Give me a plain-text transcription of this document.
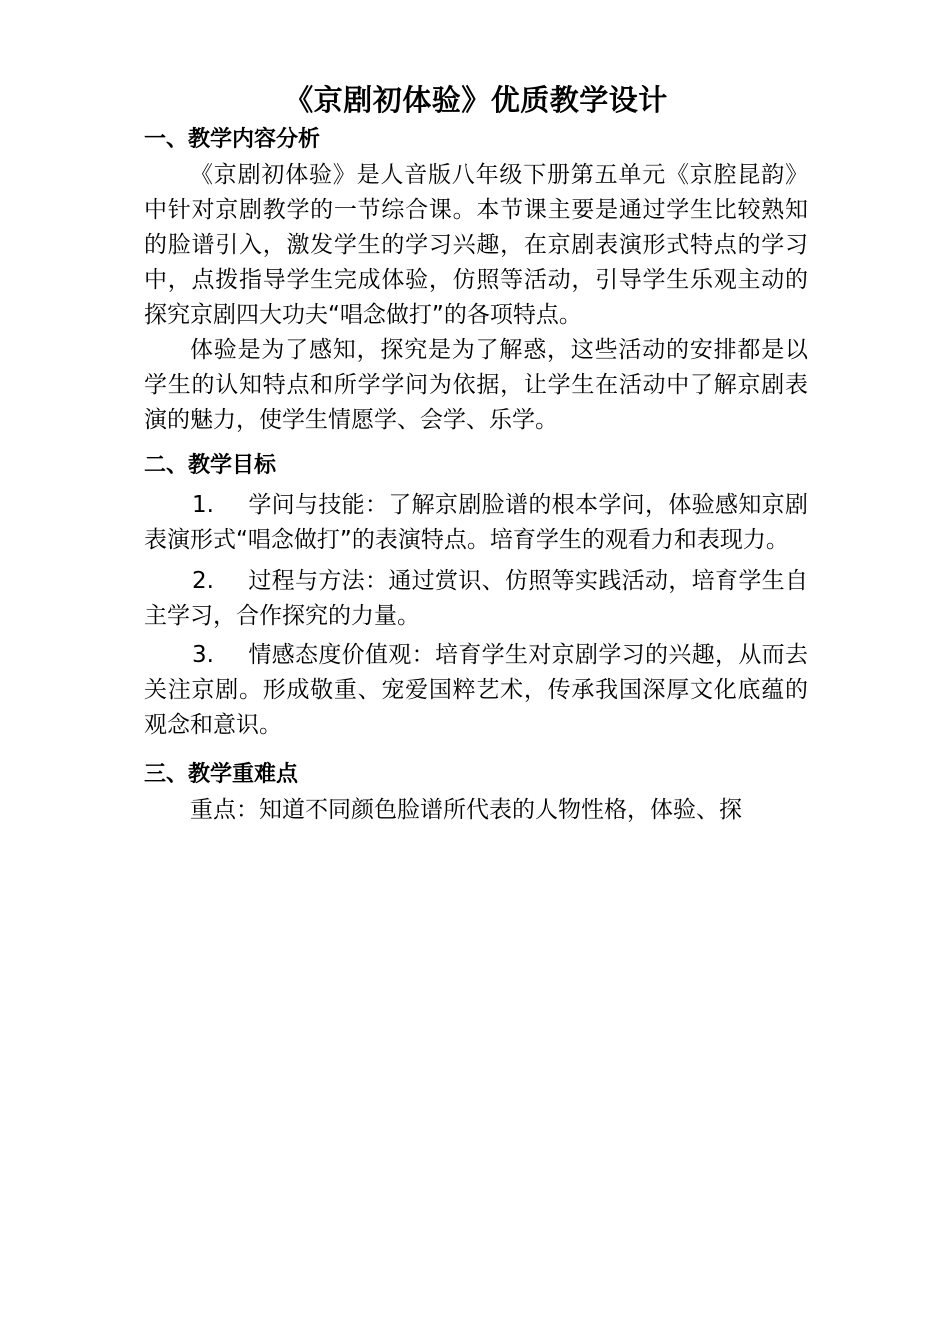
《京剧初体验》优质教学设计
一、教学内容分析

《京剧初体验》是人音版八年级下册第五单元《京腔昆韵》中针对京剧教学的一节综合课。本节课主要是通过学生比较熟知的脸谱引入，激发学生的学习兴趣，在京剧表演形式特点的学习中，点拨指导学生完成体验，仿照等活动，引导学生乐观主动的探究京剧四大功夫“唱念做打”的各项特点。

体验是为了感知，探究是为了解惑，这些活动的安排都是以学生的认知特点和所学学问为依据，让学生在活动中了解京剧表演的魅力，使学生情愿学、会学、乐学。

二、教学目标

1. 学问与技能：了解京剧脸谱的根本学问，体验感知京剧 表演形式“唱念做打”的表演特点。培育学生的观看力和表现力。

2. 过程与方法：通过赏识、仿照等实践活动，培育学生自 主学习，合作探究的力量。

3. 情感态度价值观：培育学生对京剧学习的兴趣，从而去 关注京剧。形成敬重、宠爱国粹艺术，传承我国深厚文化底蕴的观念和意识。

三、教学重难点

重点：知道不同颜色脸谱所代表的人物性格，体验、探
